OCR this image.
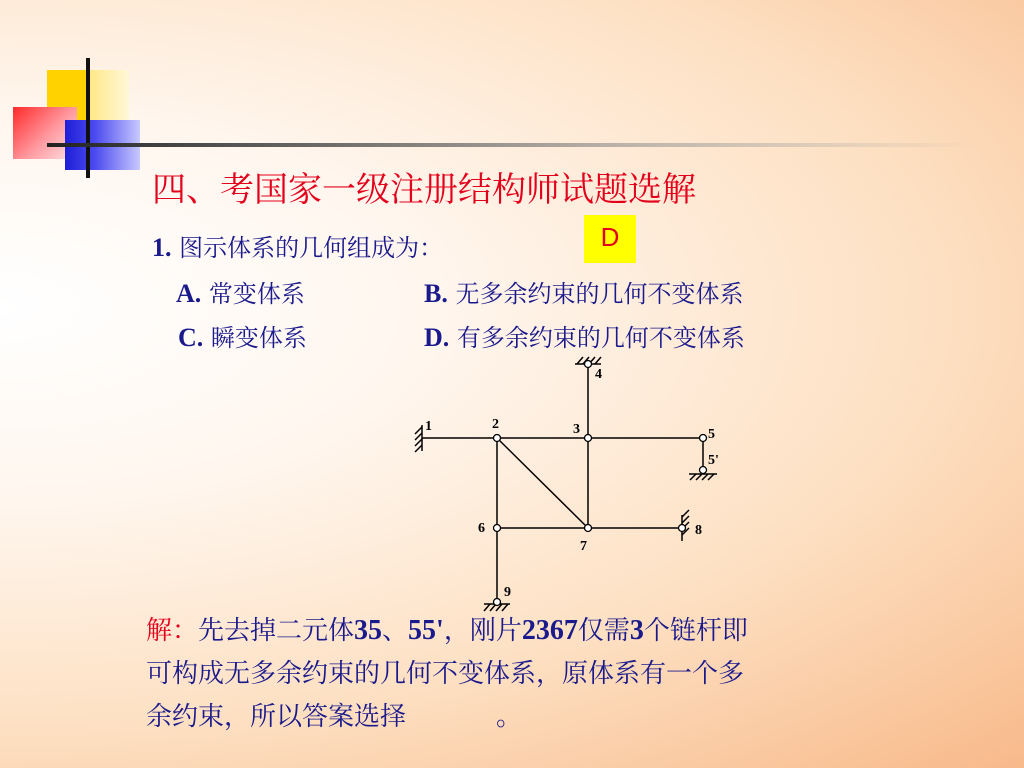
四、考国家一级注册结构师试题选解
1. 图示体系的几何组成为：	D
A. 常变体系	B. 无多余约束的几何不变体系
C. 瞬变体系	D. 有多余约束的几何不变体系
1	2	3
4
5
5'
6
7
8
9
解：先去掉二元体35、55'，刚片2367仅需3个链杆即
可构成无多余约束的几何不变体系，原体系有一个多
余约束，所以答案选择	。
